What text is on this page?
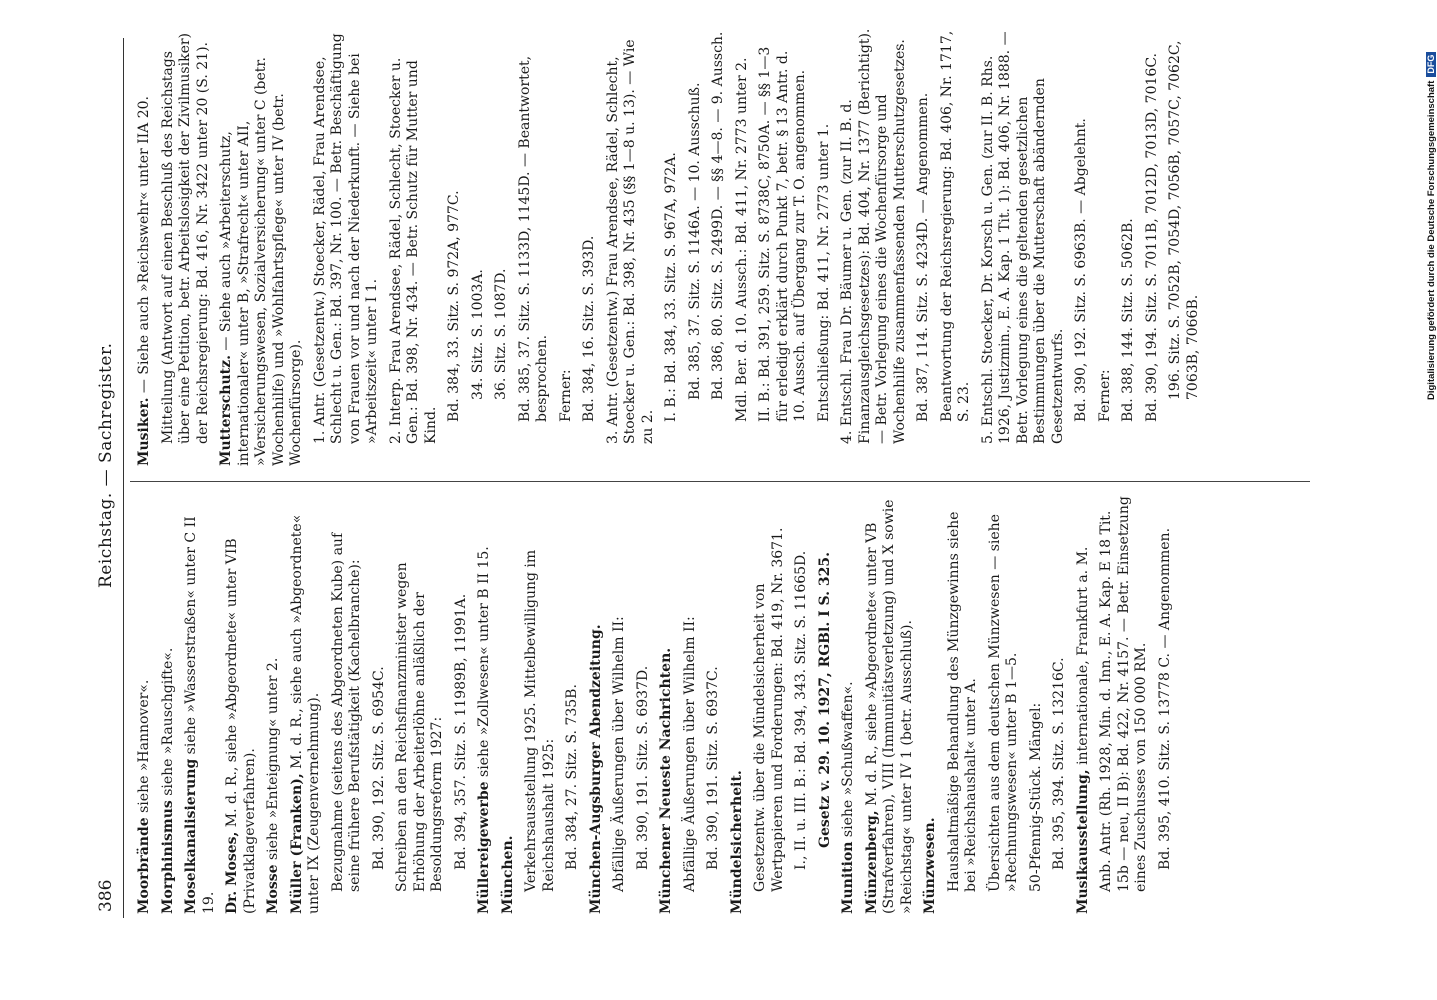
386
Reichstag. — Sachregister.
Moorbrände siehe »Hannover«.
Morphinismus siehe »Rauschgifte«.
Moselkanalisierung siehe »Wasserstraßen« unter C II 19. Dr. Moses, M. d. R., siehe »Abgeordnete« unter VIB (Privatklageverfahren). Mosse siehe »Enteignung« unter 2. Müller (Franken), M. d. R., siehe auch »Abgeordnete« unter IX (Zeugenvernehmung). Bezugnahme (seitens des Abgeordneten Kube) auf seine frühere Berufstätigkeit (Kachelbranche): Bd. 390, 192. Sitz. S. 6954C. Schreiben an den Reichsfinanzminister wegen Erhöhung der Arbeiterlöhne anläßlich der Besoldungsreform 1927: Bd. 394, 357. Sitz. S. 11989B, 11991A. Müllereigewerbe siehe »Zollwesen« unter B II 15.
München. Verkehrsausstellung 1925. Mittelbewilligung im Reichshaushalt 1925: Bd. 384, 27. Sitz. S. 735B. München-Augsburger Abendzeitung. Abfällige Äußerungen über Wilhelm II: Bd. 390, 191. Sitz. S. 6937D. Münchener Neueste Nachrichten. Abfällige Äußerungen über Wilhelm II: Bd. 390, 191. Sitz. S. 6937C. Mündelsicherheit. Gesetzentw. über die Mündelsicherheit von Wertpapieren und Forderungen: Bd. 419, Nr. 3671. I., II. u. III. B.: Bd. 394, 343. Sitz. S. 11665D. Gesetz v. 29. 10. 1927, RGBl. I S. 325.
Munition siehe »Schußwaffen«.
Münzenberg, M. d. R., siehe »Abgeordnete« unter VB (Strafverfahren), VIII (Immunitätsverletzung) und X sowie »Reichstag« unter IV 1 (betr. Ausschluß). Münzwesen. Haushaltmäßige Behandlung des Münzgewinns siehe bei »Reichshaushalt« unter A. Übersichten aus dem deutschen Münzwesen — siehe »Rechnungswesen« unter B 1—5. 50-Pfennig-Stück. Mängel: Bd. 395, 394. Sitz. S. 13216C. Musikausstellung, internationale, Frankfurt a. M. Anb. Antr. (Rh. 1928, Min. d. Inn., E. A. Kap. E 18 Tit. 15b — neu, II B): Bd. 422, Nr. 4157. — Betr. Einsetzung eines Zuschusses von 150 000 RM. Bd. 395, 410. Sitz. S. 13778 C. — Angenommen.
Musiker. — Siehe auch »Reichswehr« unter IIA 20. Mitteilung (Antwort auf einen Beschluß des Reichstags über eine Petition, betr. Arbeitslosigkeit der Zivilmusiker) der Reichsregierung: Bd. 416, Nr. 3422 unter 20 (S. 21). Mutterschutz. — Siehe auch »Arbeiterschutz, internationaler« unter B, »Strafrecht« unter AII, »Versicherungswesen, Sozialversicherung« unter C (betr. Wochenhilfe) und »Wohlfahrtspflege« unter IV (betr. Wochenfürsorge). 1. Antr. (Gesetzentw.) Stoecker, Rädel, Frau Arendsee, Schlecht u. Gen.: Bd. 397, Nr. 100. — Betr. Beschäftigung von Frauen vor und nach der Niederkunft. — Siehe bei »Arbeitszeit« unter I 1. 2. Interp. Frau Arendsee, Rädel, Schlecht, Stoecker u. Gen.: Bd. 398, Nr. 434. — Betr. Schutz für Mutter und Kind.
Bd. 384, 33. Sitz. S. 972A, 977C. 34. Sitz. S. 1003A. 36. Sitz. S. 1087D. Bd. 385, 37. Sitz. S. 1133D, 1145D. — Beantwortet, besprochen. Ferner: Bd. 384, 16. Sitz. S. 393D. 3. Antr. (Gesetzentw.) Frau Arendsee, Rädel, Schlecht, Stoecker u. Gen.: Bd. 398, Nr. 435 (§§ 1—8 u. 13). — Wie zu 2.
I. B.: Bd. 384, 33. Sitz. S. 967A, 972A. Bd. 385, 37. Sitz. S. 1146A. — 10. Ausschuß. Bd. 386, 80. Sitz. S. 2499D. — §§ 4—8. — 9. Aussch. Mdl. Ber. d. 10. Aussch.: Bd. 411, Nr. 2773 unter 2. II. B.: Bd. 391, 259. Sitz. S. 8738C, 8750A. — §§ 1—3 für erledigt erklärt durch Punkt 7, betr. § 13 Antr. d. 10. Aussch. auf Übergang zur T. O. angenommen. Entschließung: Bd. 411, Nr. 2773 unter 1. 4. Entschl. Frau Dr. Bäumer u. Gen. (zur II. B. d. Finanzausgleichsgesetzes): Bd. 404, Nr. 1377 (Berichtigt). — Betr. Vorlegung eines die Wochenfürsorge und Wochenhilfe zusammenfassenden Mutterschutzgesetzes. Bd. 387, 114. Sitz. S. 4234D. — Angenommen. Beantwortung der Reichsregierung: Bd. 406, Nr. 1717, S. 23. 5. Entschl. Stoecker, Dr. Korsch u. Gen. (zur II. B. Rhs. 1926, Justizmin., E. A. Kap. 1 Tit. 1): Bd. 406, Nr. 1888. — Betr. Vorlegung eines die geltenden gesetzlichen Bestimmungen über die Mutterschaft abändernden Gesetzentwurfs. Bd. 390, 192. Sitz. S. 6963B. — Abgelehnt. Ferner: Bd. 388, 144. Sitz. S. 5062B. Bd. 390, 194. Sitz. S. 7011B, 7012D, 7013D, 7016C. 196. Sitz. S. 7052B, 7054D, 7056B, 7057C, 7062C, 7063B, 7066B.	Digitalisierung gefördert durch die Deutsche ForschungsgemeinschaftDFG
